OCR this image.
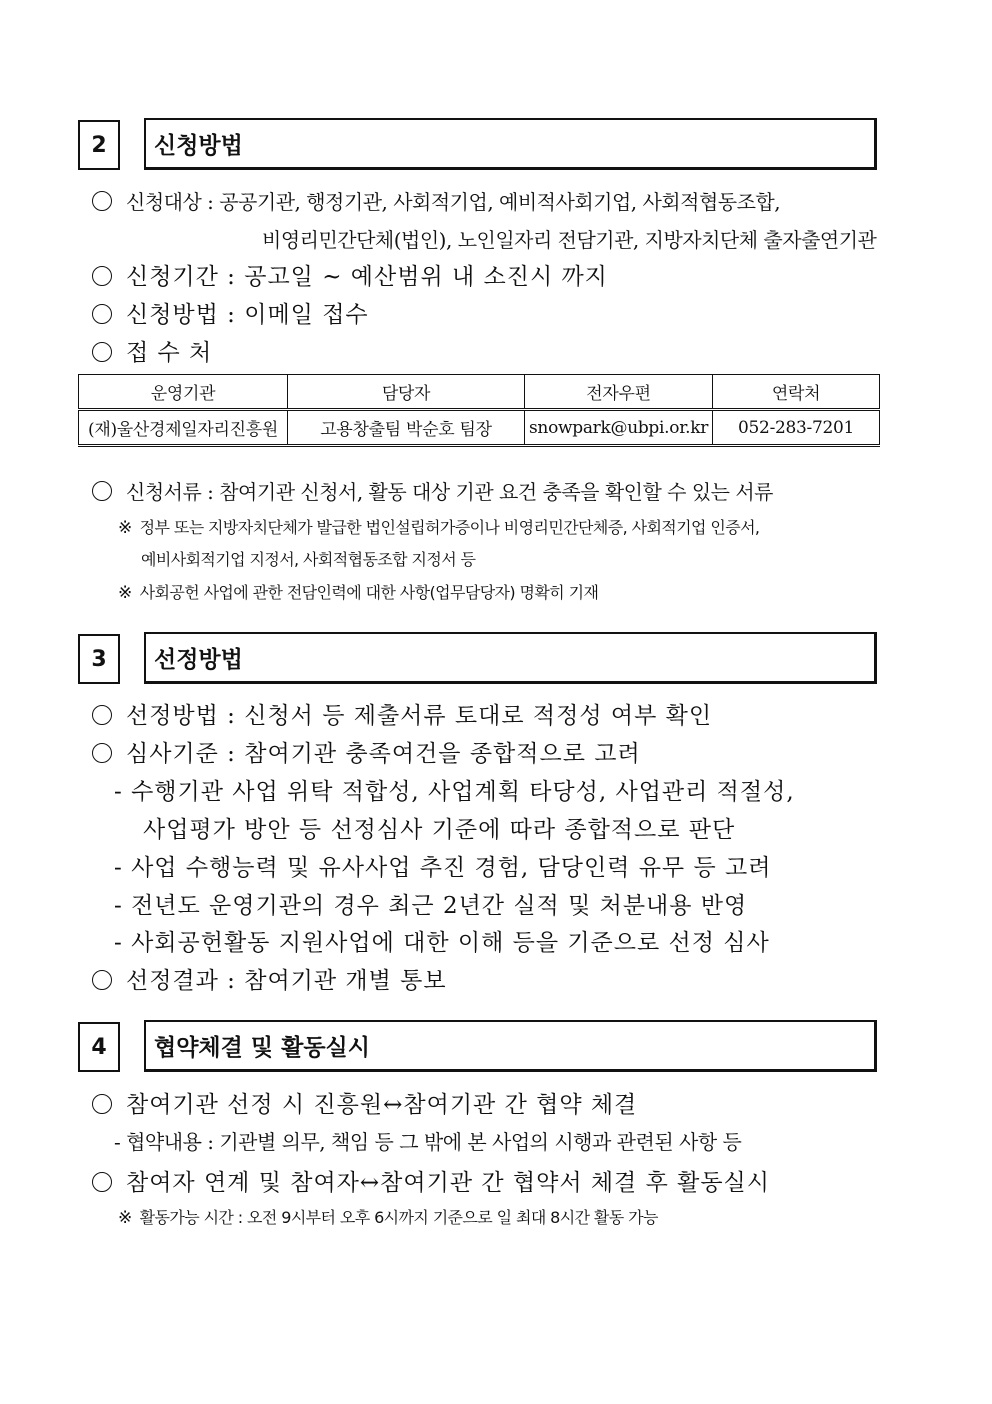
2	신청방법
신청대상 : 공공기관, 행정기관, 사회적기업, 예비적사회기업, 사회적협동조합,
비영리민간단체(법인), 노인일자리 전담기관, 지방자치단체 출자출연기관
신청기간 : 공고일 ~ 예산범위 내 소진시 까지
신청방법 : 이메일 접수
접 수 처
운영기관	담당자	전자우편	연락처
(재)울산경제일자리진흥원	고용창출팀 박순호 팀장	snowpark@ubpi.or.kr	052-283-7201
신청서류 : 참여기관 신청서, 활동 대상 기관 요건 충족을 확인할 수 있는 서류
※ 정부 또는 지방자치단체가 발급한 법인설립허가증이나 비영리민간단체증, 사회적기업 인증서,
예비사회적기업 지정서, 사회적협동조합 지정서 등
※ 사회공헌 사업에 관한 전담인력에 대한 사항(업무담당자) 명확히 기재
3	선정방법
선정방법 : 신청서 등 제출서류 토대로 적정성 여부 확인
심사기준 : 참여기관 충족여건을 종합적으로 고려
- 수행기관 사업 위탁 적합성, 사업계획 타당성, 사업관리 적절성,
사업평가 방안 등 선정심사 기준에 따라 종합적으로 판단
- 사업 수행능력 및 유사사업 추진 경험, 담당인력 유무 등 고려
- 전년도 운영기관의 경우 최근 2년간 실적 및 처분내용 반영
- 사회공헌활동 지원사업에 대한 이해 등을 기준으로 선정 심사
선정결과 : 참여기관 개별 통보
4	협약체결 및 활동실시
참여기관 선정 시 진흥원↔참여기관 간 협약 체결
- 협약내용 : 기관별 의무, 책임 등 그 밖에 본 사업의 시행과 관련된 사항 등
참여자 연계 및 참여자↔참여기관 간 협약서 체결 후 활동실시
※ 활동가능 시간 : 오전 9시부터 오후 6시까지 기준으로 일 최대 8시간 활동 가능
